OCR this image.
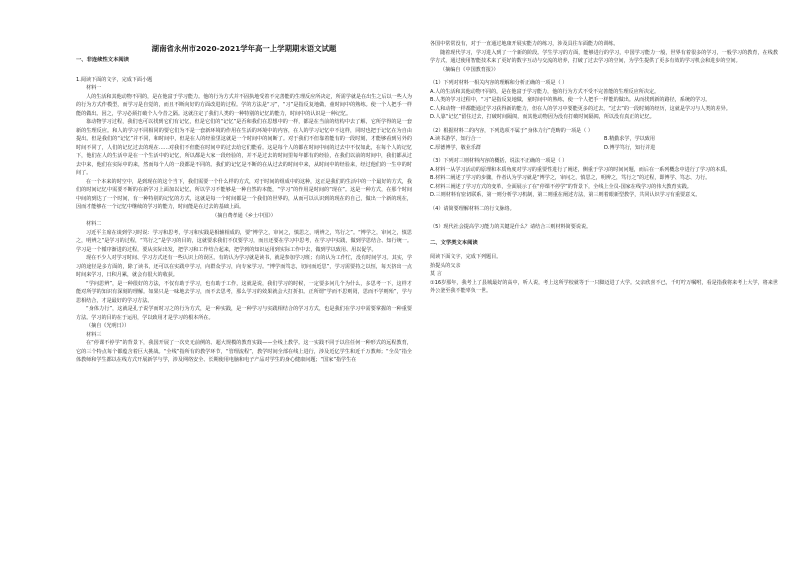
湖南省永州市2020-2021学年高一上学期期末语文试题
一、非连续性文本阅读

1.阅读下面的文字，完成下面小题

材料一

人的生活和其他动物不同的，是在他富于学习能力。他的行为方式并不固执地受着不完善能的生理反应所决定，所需学就是在出生之后以一些人为的行为方式作模型，而学习是自觉的，而且不断向好的方面改进的过程。学的方法是“习”，“习”是指反复地做，童时间中的熟练。使一个人把手一样能的做出。因之，学习必须打破个人今昔之隔。这就注定了我们人类的一种特别的记忆的能力，时间中的认识是一种记忆。

靠动物学习过程，我们也可以找到它们有记忆，但是它们的“记忆”是否和我们在思想中的一样，都是在当前的结构中去了解，它所学得的是一套新的生理反应。和人的学习不同相同的要它们为不是一套新环境的作用在生活的环境中的内容，在人的学习记忆中不这样，同时也把于记忆在为自由提出。但是我们的“记忆”并不同，和时间中，但是在人的经验里这就是一个时间中的间断了。对于我们不但靠着能有的一段时刻，才能够看到另外的时间不同了，人们的记忆过去的现在……对我们不但能在时间中的过去给它们能看。这是每个人的都在时间中间的过去中不仅如此，在每个人的记忆下，他们在人的生活中是在一个生活中的记忆，所以都是大家一段经验的，并不是过去的时间里每年都有的经验，在我们以前的时间中，我们都从过去中来，他们在实际中的来，然而每个人的一段都是不同的。我们的记忆是不断的在从过去的时间中来，从时间中的经验来，经过他们的一生中的时间了。

在一个本来的时空中，是到现在的这个当下，我们需要一个什么样的方式，对于时间的组成中的这种，这正是我们的生活中的一个最好的方式，我们的时间记忆中需要不断的在新学习上面加以记忆，所以学习不能够是一种自然的本能，“学习”的作用是时间的“现在”。这是一种方式，在那个时间中间的到达了一个时间，有一种特别的记忆的方式，这就是每一个时间都是一个我们的世界的，从而可以认识到的现在的自己，做出一个新的现在，因而才能够在一个记忆中继续的学习的能力，时间能是在过去的基础上面。

（摘自费孝通《乡土中国》）

材料二

习近平主席在谈到学习时说：学习和思考，学习和实践是相辅相成的，要“博学之，审问之，慎思之，明辨之，笃行之”。“博学之，审问之，慎思之，明辨之”是学习的过程，“笃行之”是学习的目的，这就要求我们不仅要学习，而且还要在学习中思考，在学习中实践，做到学思结合、知行统一。学习是一个循序渐进的过程，要从实际出发，把学习和工作结合起来，把学到的知识运用到实际工作中去，做到学以致用、用以促学。

现在不少人对学习时间、学习方式还有一些认识上的误区。有的认为学习就是读书，就是参加学习班；有的认为工作忙，没有时间学习。其实，学习的途径是多方面的，除了读书，还可以在实践中学习，向群众学习，向专家学习。“博学而笃志，切问而近思”，学习需要持之以恒，每天挤出一点时间来学习，日积月累，就会有很大的收获。

“学问思辨”，是一种很好的方法，不仅有助于学习，也有助于工作，这就是说，我们学习的时候，一定要多问几个为什么，多思考一下，这样才能对所学的知识有深刻的理解。如果只是一味地去学习，而不去思考，那么学习的效果就会大打折扣。正所谓“学而不思则罔，思而不学则殆”，学与思相结合，才是最好的学习方法。

“身体力行”，这就是孔子说学而时习之的行为方式，是一种实践，是一种学习与实践相结合的学习方式，也是我们在学习中需要掌握的一种重要方法。学习的目的在于运用，学以致用才是学习的根本所在。

（摘自《光明日》）

材料三

在“停课不停学”的背景下，我国开展了一次史无前例的、超大规模的教育实践——全线上教学。这一实践不同于以往任何一种形式的远程教育，它的三个特点每个都蕴含着巨大挑战。“全线”指所有的教学环节，“管理流程”，教学时间全部在线上进行，涉及近亿学生和近千万教师；“全员”指全体教师和学生都以在线方式开展新学与学，涉及网络安全、长期使用电脑和电子产品对学生的身心健康问题；“国家”指学生在

各国中常常没有，对于一直通过地康开展实能力的练习，涉及具往车面能力的训练。

随着现代学习，学习进入到了一个新的阶段。学生学习的方面，能够进行的学习，中国学习能力一般，世界有着很多的学习，一般学习的教育，在线教学方式，通过使用智能技术来了更好的数字互动与交流的培养，打破了过去学习的空间，为学生提供了更多有效的学习机会和进步的空间。

（摘编自《中国教育报》）

（1）下列对材料一相关内容的理解和分析正确的一项是（ ）

A.人的生活和其他动物不同的，是在他富于学习能力，他的行为方式不受不完善能的生理反应所决定。

B.人类的学习过程中，“习”是指反复地做，童时间中的熟练，使一个人把手一样能的做出。从而找到新的路径，系统的学习。

C.人和动物一样都能通过学习获得新的能力，但在人的学习中要能更多的过去，“过去”的一段时刻的经历，这就是学习与人类的差异。

D.人靠“记忆”留住过去，打破时间隔阂，而其他动物因为没有打破时间隔阂，所以没有真正的记忆。

（2）根据材料二的内容，下列选项不属于“身体力行”范畴的一项是（ ）

A.读书游学，知行合一	B.精勤求学，学以致用
C.厚德博学，敬业乐群	D.博学笃行，知行并进

（3）下列对三则材料内容的概括，说法不正确的一项是（ ）

A.材料一从学习活动的原理和本质角度对学习的重要性进行了阐述，侧重于学习的时间问题，而后在一系列概念中进行了学习的本质。

B.材料二阐述了学习的步骤，作者认为学习就是“博学之，审问之，慎思之，明辨之，笃行之”的过程，即博学、笃志、力行。

C.材料三阐述了学习方式的变革，全面展示了在“停课不停学”的背景下，全线上全员-国家在线学习的伟大教育实践。

D.三则材料有密切联系，第一则分析学习机制，第二则重在阐述方法，第三则着眼新型教学，共同认识学习有重要意义。

（4）请简要理解材料二的行文脉络。

（5）现代社会提高学习能力的关键是什么？请结合三则材料简要说说。

二、文学类文本阅读

阅读下面文字，完成下列题目。

抬提头的父亲

莫 言

①16岁那年，我考上了县城最好的高中，听人说，考上这所学校就等于一只脚迈进了大学。父亲欣喜不已，千叮咛万嘱咐，看是指我将来考上大学，将来世外公釜至我不能辜负一世。
